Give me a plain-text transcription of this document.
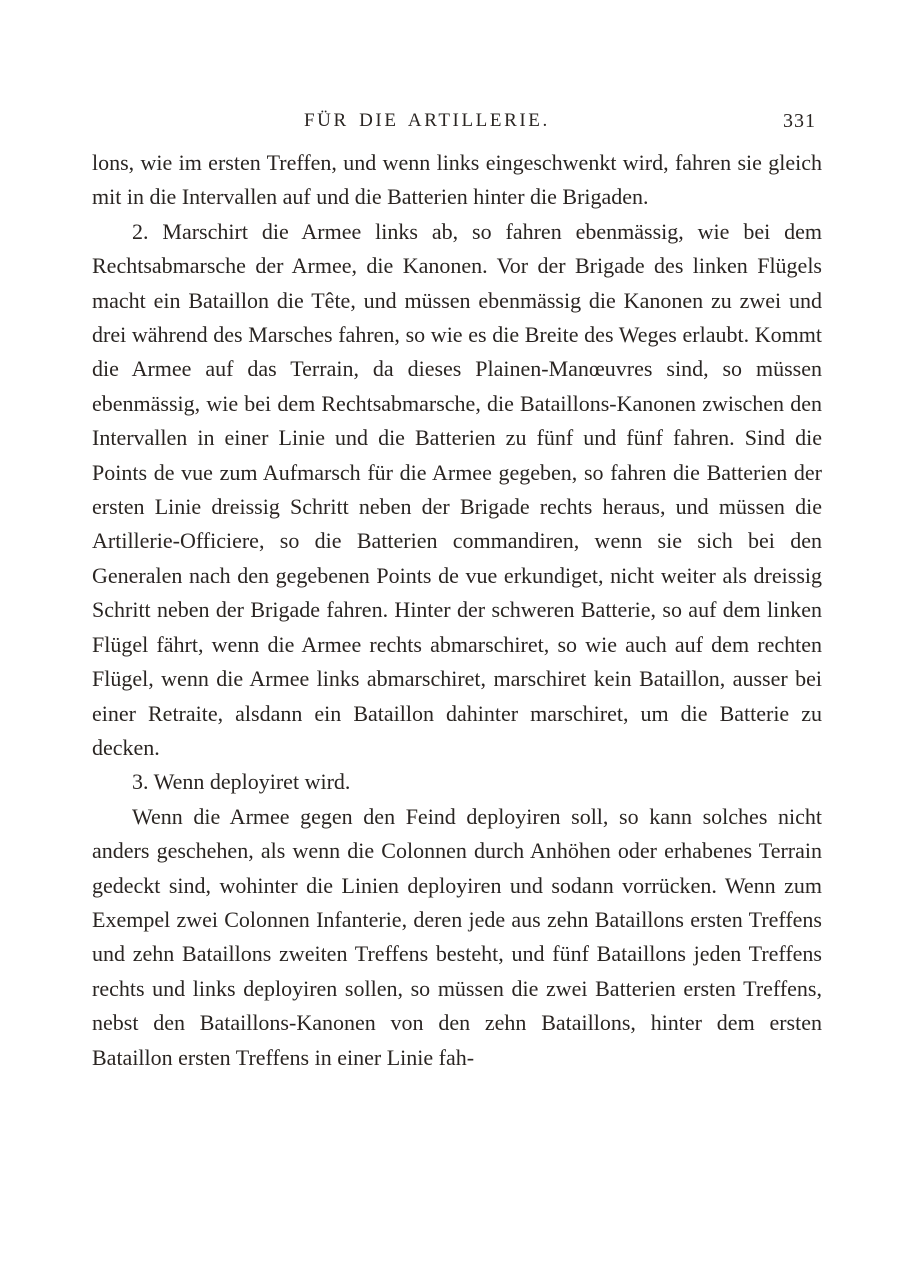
FÜR DIE ARTILLERIE.	331

lons, wie im ersten Treffen, und wenn links eingeschwenkt wird, fahren sie gleich mit in die Intervallen auf und die Batterien hinter die Brigaden.

2. Marschirt die Armee links ab, so fahren ebenmässig, wie bei dem Rechtsabmarsche der Armee, die Kanonen. Vor der Brigade des linken Flügels macht ein Bataillon die Tête, und müssen ebenmässig die Kanonen zu zwei und drei während des Marsches fahren, so wie es die Breite des Weges erlaubt. Kommt die Armee auf das Terrain, da dieses Plainen-Manœuvres sind, so müssen ebenmässig, wie bei dem Rechtsabmarsche, die Bataillons-Kanonen zwischen den Intervallen in einer Linie und die Batterien zu fünf und fünf fahren. Sind die Points de vue zum Aufmarsch für die Armee gegeben, so fahren die Batterien der ersten Linie dreissig Schritt neben der Brigade rechts heraus, und müssen die Artillerie-Officiere, so die Batterien commandiren, wenn sie sich bei den Generalen nach den gegebenen Points de vue erkundiget, nicht weiter als dreissig Schritt neben der Brigade fahren. Hinter der schweren Batterie, so auf dem linken Flügel fährt, wenn die Armee rechts abmarschiret, so wie auch auf dem rechten Flügel, wenn die Armee links abmarschiret, marschiret kein Bataillon, ausser bei einer Retraite, alsdann ein Bataillon dahinter marschiret, um die Batterie zu decken.

3. Wenn deployiret wird.

Wenn die Armee gegen den Feind deployiren soll, so kann solches nicht anders geschehen, als wenn die Colonnen durch Anhöhen oder erhabenes Terrain gedeckt sind, wohinter die Linien deployiren und sodann vorrücken. Wenn zum Exempel zwei Colonnen Infanterie, deren jede aus zehn Bataillons ersten Treffens und zehn Bataillons zweiten Treffens besteht, und fünf Bataillons jeden Treffens rechts und links deployiren sollen, so müssen die zwei Batterien ersten Treffens, nebst den Bataillons-Kanonen von den zehn Bataillons, hinter dem ersten Bataillon ersten Treffens in einer Linie fah-
